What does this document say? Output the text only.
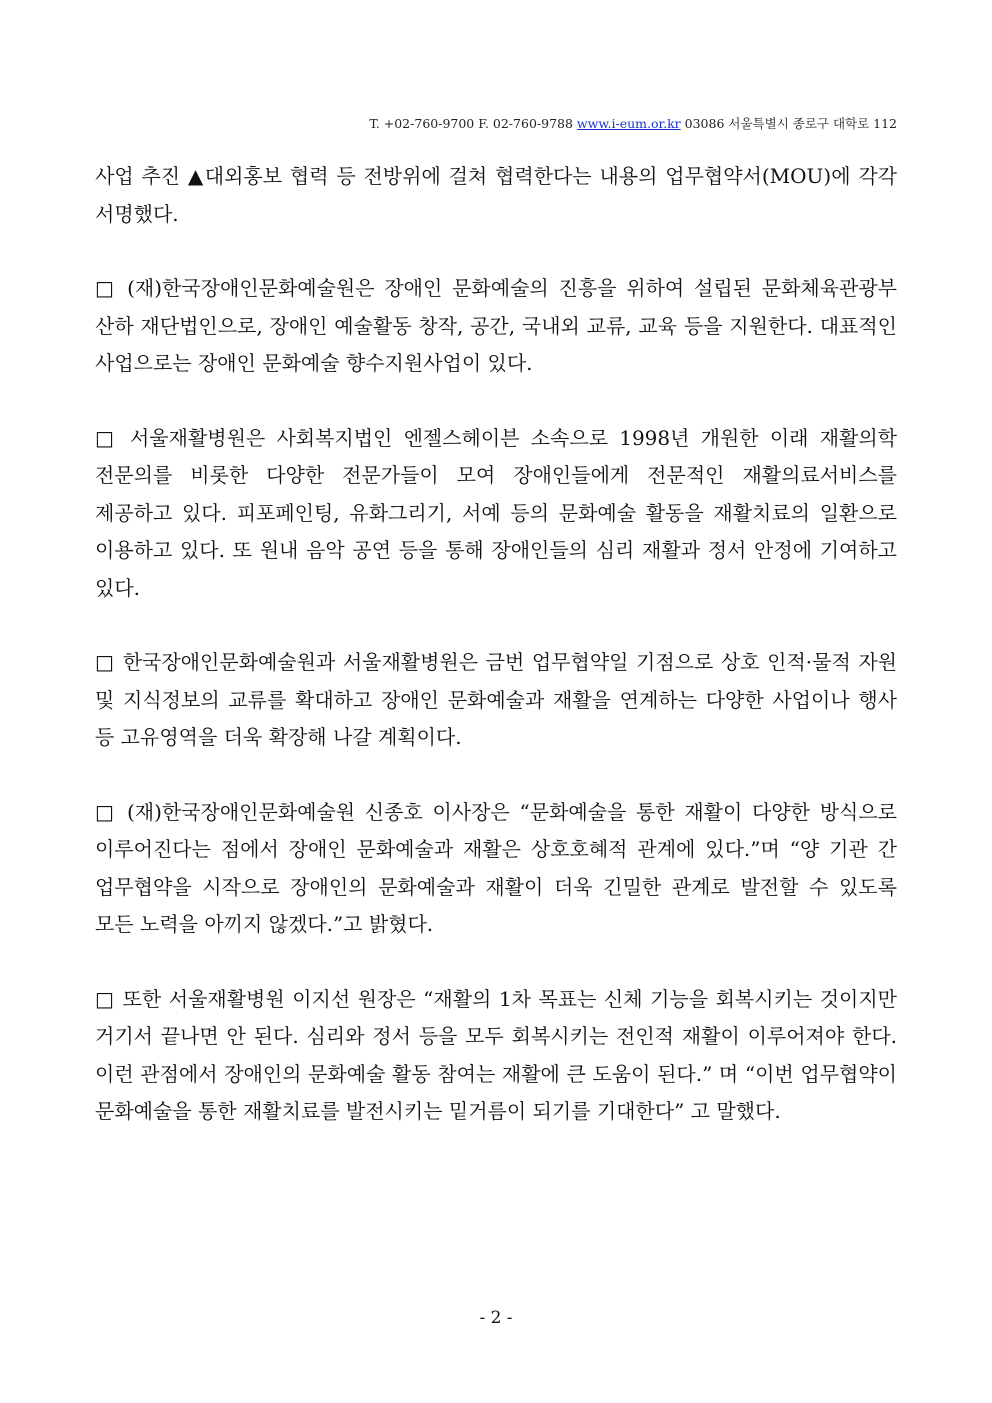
T. +02-760-9700 F. 02-760-9788 www.i-eum.or.kr 03086 서울특별시 종로구 대학로 112

사업 추진 ▲대외홍보 협력 등 전방위에 걸쳐 협력한다는 내용의 업무협약서(MOU)에 각각 서명했다.

□ (재)한국장애인문화예술원은 장애인 문화예술의 진흥을 위하여 설립된 문화체육관광부 산하 재단법인으로, 장애인 예술활동 창작, 공간, 국내외 교류, 교육 등을 지원한다. 대표적인 사업으로는 장애인 문화예술 향수지원사업이 있다.

□ 서울재활병원은 사회복지법인 엔젤스헤이븐 소속으로 1998년 개원한 이래 재활의학 전문의를 비롯한 다양한 전문가들이 모여 장애인들에게 전문적인 재활의료서비스를 제공하고 있다. 피포페인팅, 유화그리기, 서예 등의 문화예술 활동을 재활치료의 일환으로 이용하고 있다. 또 원내 음악 공연 등을 통해 장애인들의 심리 재활과 정서 안정에 기여하고 있다.

□ 한국장애인문화예술원과 서울재활병원은 금번 업무협약일 기점으로 상호 인적·물적 자원 및 지식정보의 교류를 확대하고 장애인 문화예술과 재활을 연계하는 다양한 사업이나 행사 등 고유영역을 더욱 확장해 나갈 계획이다.

□ (재)한국장애인문화예술원 신종호 이사장은 “문화예술을 통한 재활이 다양한 방식으로 이루어진다는 점에서 장애인 문화예술과 재활은 상호호혜적 관계에 있다.”며 “양 기관 간 업무협약을 시작으로 장애인의 문화예술과 재활이 더욱 긴밀한 관계로 발전할 수 있도록 모든 노력을 아끼지 않겠다.”고 밝혔다.

□ 또한 서울재활병원 이지선 원장은 “재활의 1차 목표는 신체 기능을 회복시키는 것이지만 거기서 끝나면 안 된다. 심리와 정서 등을 모두 회복시키는 전인적 재활이 이루어져야 한다. 이런 관점에서 장애인의 문화예술 활동 참여는 재활에 큰 도움이 된다.” 며 “이번 업무협약이 문화예술을 통한 재활치료를 발전시키는 밑거름이 되기를 기대한다” 고 말했다.

- 2 -
